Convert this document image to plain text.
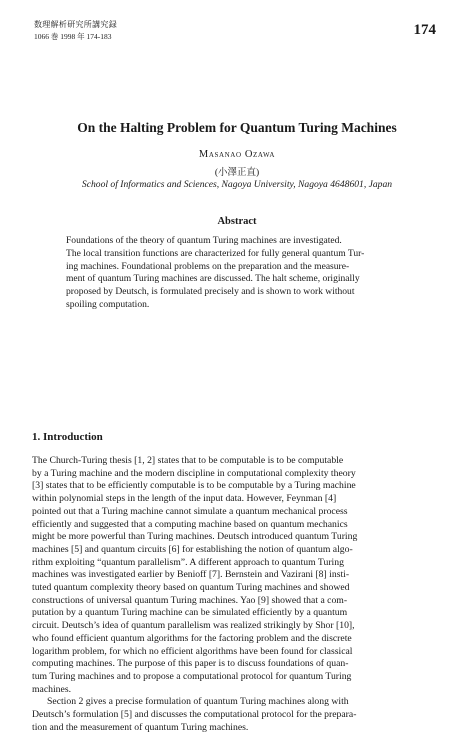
数理解析研究所講究録
1066 巻 1998 年 174-183	174
On the Halting Problem for Quantum Turing Machines
Masanao Ozawa
(小澤正直)
School of Informatics and Sciences, Nagoya University, Nagoya 4648601, Japan
Abstract
Foundations of the theory of quantum Turing machines are investigated.
The local transition functions are characterized for fully general quantum Tur-
ing machines. Foundational problems on the preparation and the measure-
ment of quantum Turing machines are discussed. The halt scheme, originally
proposed by Deutsch, is formulated precisely and is shown to work without
spoiling computation.
1. Introduction
The Church-Turing thesis [1, 2] states that to be computable is to be computable
by a Turing machine and the modern discipline in computational complexity theory
[3] states that to be efficiently computable is to be computable by a Turing machine
within polynomial steps in the length of the input data. However, Feynman [4]
pointed out that a Turing machine cannot simulate a quantum mechanical process
efficiently and suggested that a computing machine based on quantum mechanics
might be more powerful than Turing machines. Deutsch introduced quantum Turing
machines [5] and quantum circuits [6] for establishing the notion of quantum algo-
rithm exploiting “quantum parallelism”. A different approach to quantum Turing
machines was investigated earlier by Benioff [7]. Bernstein and Vazirani [8] insti-
tuted quantum complexity theory based on quantum Turing machines and showed
constructions of universal quantum Turing machines. Yao [9] showed that a com-
putation by a quantum Turing machine can be simulated efficiently by a quantum
circuit. Deutsch’s idea of quantum parallelism was realized strikingly by Shor [10],
who found efficient quantum algorithms for the factoring problem and the discrete
logarithm problem, for which no efficient algorithms have been found for classical
computing machines. The purpose of this paper is to discuss foundations of quan-
tum Turing machines and to propose a computational protocol for quantum Turing
machines.
Section 2 gives a precise formulation of quantum Turing machines along with
Deutsch’s formulation [5] and discusses the computational protocol for the prepara-
tion and the measurement of quantum Turing machines.
